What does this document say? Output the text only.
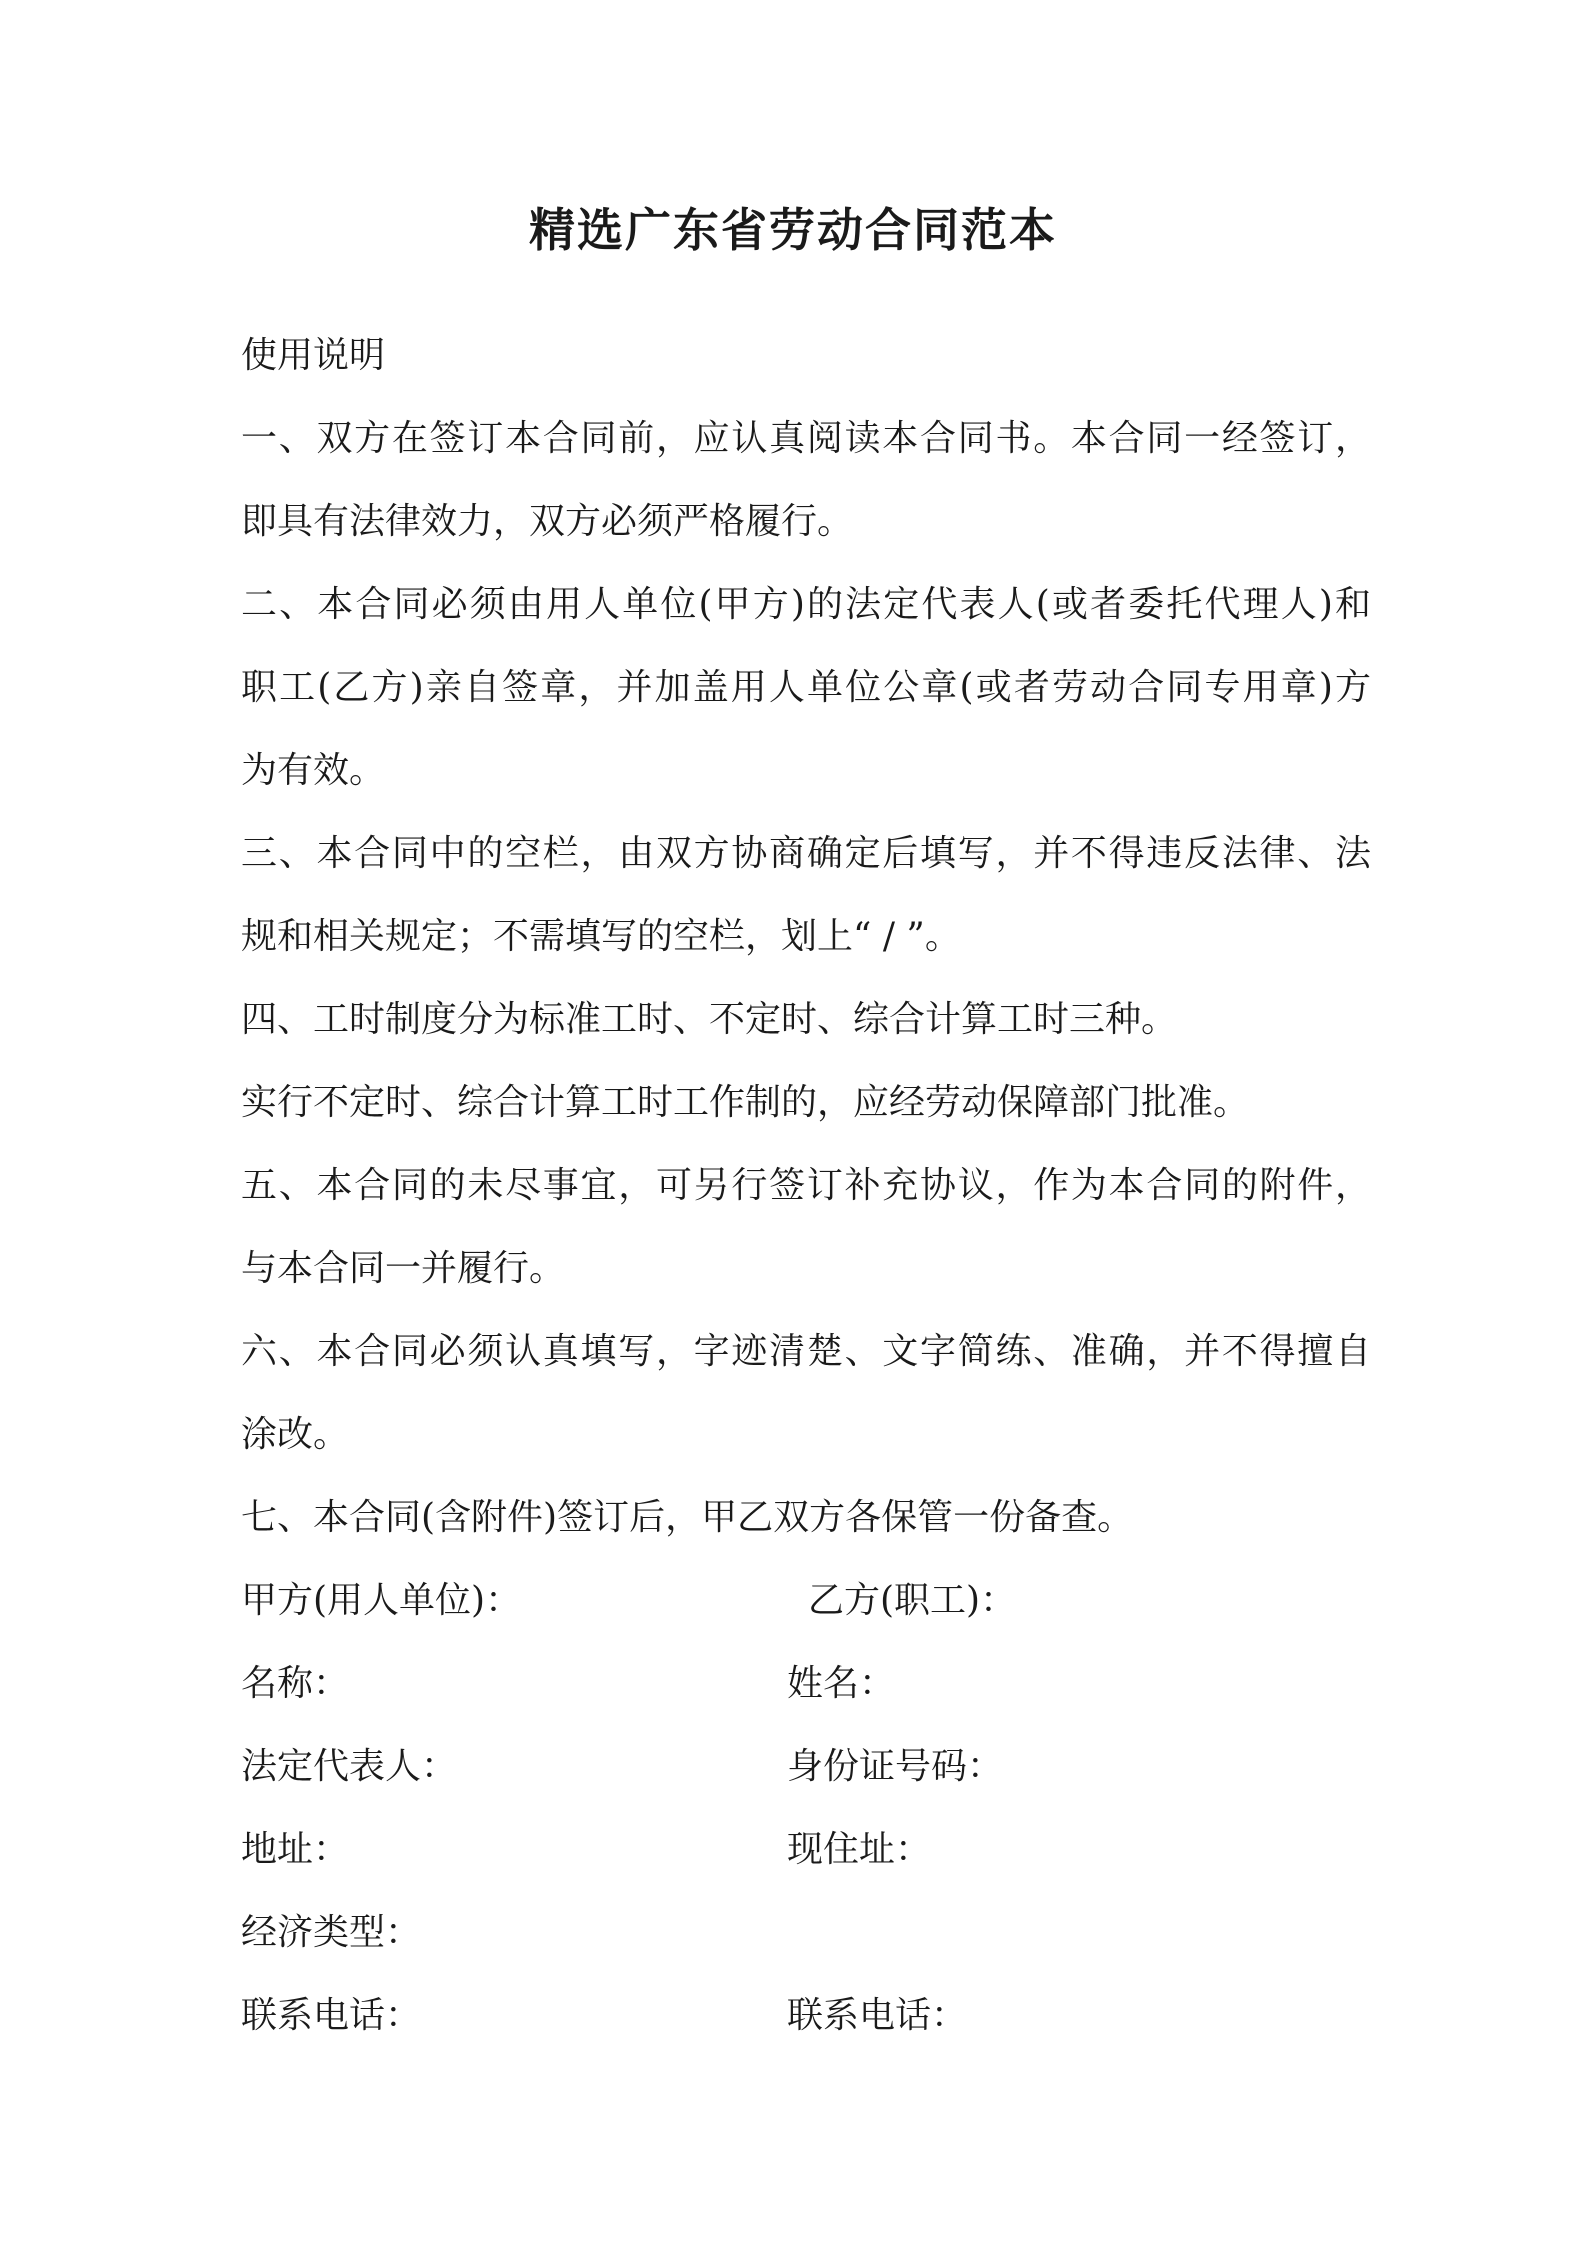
精选广东省劳动合同范本
使用说明
一、双方在签订本合同前，应认真阅读本合同书。本合同一经签订，
即具有法律效力，双方必须严格履行。
二、本合同必须由用人单位(甲方)的法定代表人(或者委托代理人)和
职工(乙方)亲自签章，并加盖用人单位公章(或者劳动合同专用章)方
为有效。
三、本合同中的空栏，由双方协商确定后填写，并不得违反法律、法
规和相关规定；不需填写的空栏，划上“ / ”。
四、工时制度分为标准工时、不定时、综合计算工时三种。
实行不定时、综合计算工时工作制的，应经劳动保障部门批准。
五、本合同的未尽事宜，可另行签订补充协议，作为本合同的附件，
与本合同一并履行。
六、本合同必须认真填写，字迹清楚、文字简练、准确，并不得擅自
涂改。
七、本合同(含附件)签订后，甲乙双方各保管一份备查。
甲方(用人单位)：	乙方(职工)：
名称：	姓名：
法定代表人：	身份证号码：
地址：	现住址：
经济类型：
联系电话：	联系电话：
